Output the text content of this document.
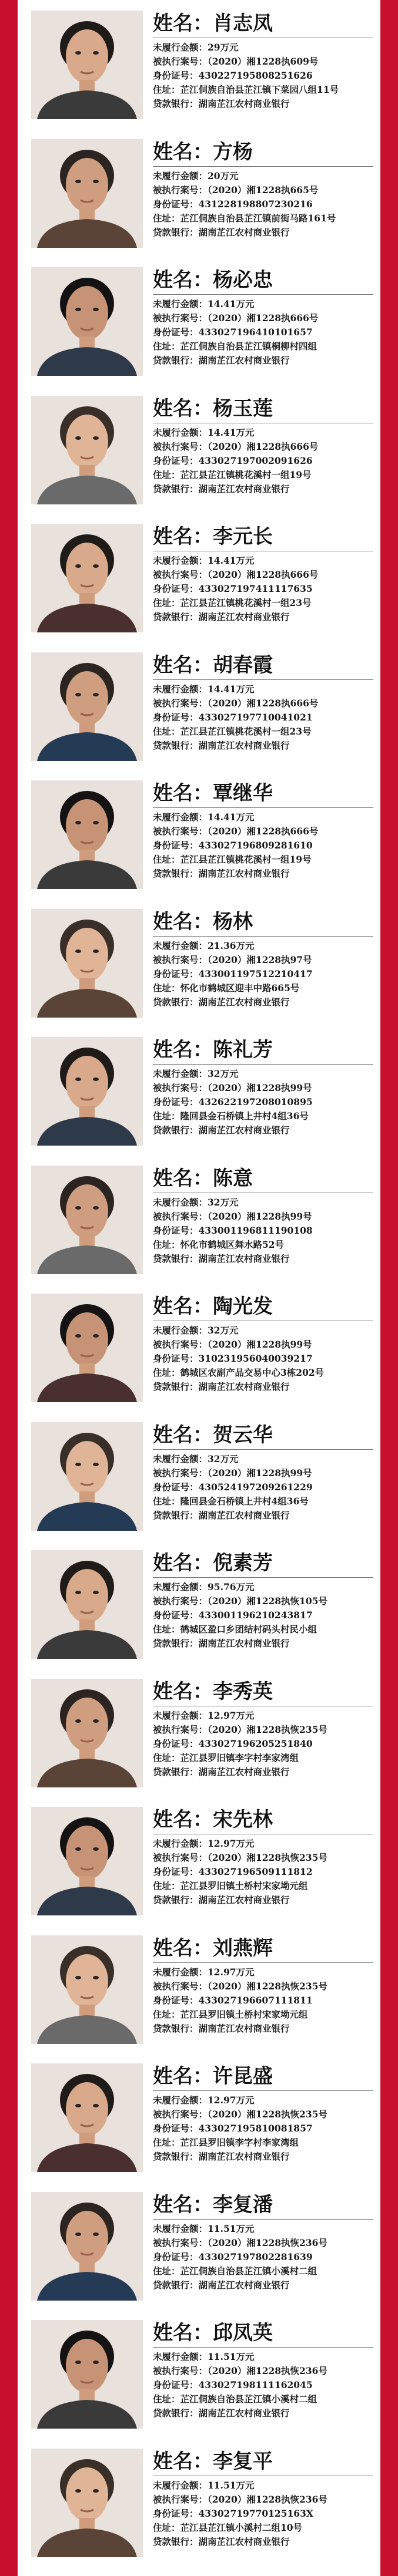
姓名：肖志凤
未履行金额：29万元
被执行案号：（2020）湘1228执609号
身份证号：430227195808251626
住址：芷江侗族自治县芷江镇下菜园八组11号
贷款银行：湖南芷江农村商业银行
姓名：方杨
未履行金额：20万元
被执行案号：（2020）湘1228执665号
身份证号：431228198807230216
住址：芷江侗族自治县芷江镇前街马路161号
贷款银行：湖南芷江农村商业银行
姓名：杨必忠
未履行金额：14.41万元
被执行案号：（2020）湘1228执666号
身份证号：433027196410101657
住址：芷江侗族自治县芷江镇桐柳村四组
贷款银行：湖南芷江农村商业银行
姓名：杨玉莲
未履行金额：14.41万元
被执行案号：（2020）湘1228执666号
身份证号：433027197002091626
住址：芷江县芷江镇桃花溪村一组19号
贷款银行：湖南芷江农村商业银行
姓名：李元长
未履行金额：14.41万元
被执行案号：（2020）湘1228执666号
身份证号：433027197411117635
住址：芷江县芷江镇桃花溪村一组23号
贷款银行：湖南芷江农村商业银行
姓名：胡春霞
未履行金额：14.41万元
被执行案号：（2020）湘1228执666号
身份证号：433027197710041021
住址：芷江县芷江镇桃花溪村一组23号
贷款银行：湖南芷江农村商业银行
姓名：覃继华
未履行金额：14.41万元
被执行案号：（2020）湘1228执666号
身份证号：433027196809281610
住址：芷江县芷江镇桃花溪村一组19号
贷款银行：湖南芷江农村商业银行
姓名：杨林
未履行金额：21.36万元
被执行案号：（2020）湘1228执97号
身份证号：433001197512210417
住址：怀化市鹤城区迎丰中路665号
贷款银行：湖南芷江农村商业银行
姓名：陈礼芳
未履行金额：32万元
被执行案号：（2020）湘1228执99号
身份证号：432622197208010895
住址：隆回县金石桥镇上井村4组36号
贷款银行：湖南芷江农村商业银行
姓名：陈意
未履行金额：32万元
被执行案号：（2020）湘1228执99号
身份证号：433001196811190108
住址：怀化市鹤城区舞水路52号
贷款银行：湖南芷江农村商业银行
姓名：陶光发
未履行金额：32万元
被执行案号：（2020）湘1228执99号
身份证号：310231956040039217
住址：鹤城区农副产品交易中心3栋202号
贷款银行：湖南芷江农村商业银行
姓名：贺云华
未履行金额：32万元
被执行案号：（2020）湘1228执99号
身份证号：430524197209261229
住址：隆回县金石桥镇上井村4组36号
贷款银行：湖南芷江农村商业银行
姓名：倪素芳
未履行金额：95.76万元
被执行案号：（2020）湘1228执恢105号
身份证号：433001196210243817
住址：鹤城区盈口乡团结村码头村民小组
贷款银行：湖南芷江农村商业银行
姓名：李秀英
未履行金额：12.97万元
被执行案号：（2020）湘1228执恢235号
身份证号：433027196205251840
住址：芷江县罗旧镇李字村李家湾组
贷款银行：湖南芷江农村商业银行
姓名：宋先林
未履行金额：12.97万元
被执行案号：（2020）湘1228执恢235号
身份证号：433027196509111812
住址：芷江县罗旧镇土桥村宋家坳元组
贷款银行：湖南芷江农村商业银行
姓名：刘燕辉
未履行金额：12.97万元
被执行案号：（2020）湘1228执恢235号
身份证号：433027196607111811
住址：芷江县罗旧镇土桥村宋家坳元组
贷款银行：湖南芷江农村商业银行
姓名：许昆盛
未履行金额：12.97万元
被执行案号：（2020）湘1228执恢235号
身份证号：433027195810081857
住址：芷江县罗旧镇李字村李家湾组
贷款银行：湖南芷江农村商业银行
姓名：李复潘
未履行金额：11.51万元
被执行案号：（2020）湘1228执恢236号
身份证号：433027197802281639
住址：芷江侗族自治县芷江镇小溪村二组
贷款银行：湖南芷江农村商业银行
姓名：邱凤英
未履行金额：11.51万元
被执行案号：（2020）湘1228执恢236号
身份证号：433027198111162045
住址：芷江侗族自治县芷江镇小溪村二组
贷款银行：湖南芷江农村商业银行
姓名：李复平
未履行金额：11.51万元
被执行案号：（2020）湘1228执恢236号
身份证号：43302719770125163X
住址：芷江县芷江镇小溪村二组10号
贷款银行：湖南芷江农村商业银行
